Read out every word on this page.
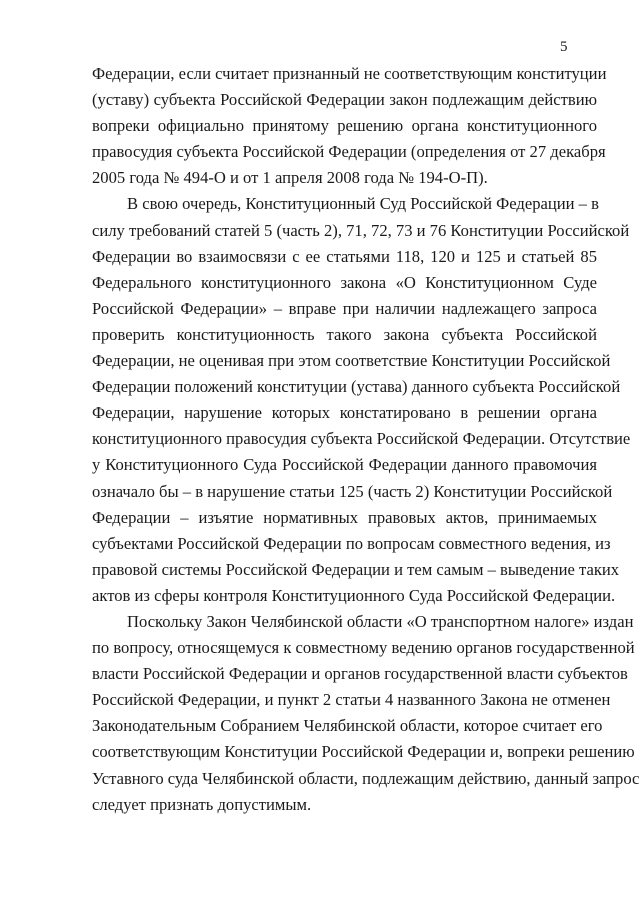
5
Федерации, если считает признанный не соответствующим конституции
(уставу) субъекта Российской Федерации закон подлежащим действию
вопреки официально принятому решению органа конституционного
правосудия субъекта Российской Федерации (определения от 27 декабря
2005 года № 494-О и от 1 апреля 2008 года № 194-О-П).
В свою очередь, Конституционный Суд Российской Федерации – в
силу требований статей 5 (часть 2), 71, 72, 73 и 76 Конституции Российской
Федерации во взаимосвязи с ее статьями 118, 120 и 125 и статьей 85
Федерального конституционного закона «О Конституционном Суде
Российской Федерации» – вправе при наличии надлежащего запроса
проверить конституционность такого закона субъекта Российской
Федерации, не оценивая при этом соответствие Конституции Российской
Федерации положений конституции (устава) данного субъекта Российской
Федерации, нарушение которых констатировано в решении органа
конституционного правосудия субъекта Российской Федерации. Отсутствие
у Конституционного Суда Российской Федерации данного правомочия
означало бы – в нарушение статьи 125 (часть 2) Конституции Российской
Федерации – изъятие нормативных правовых актов, принимаемых
субъектами Российской Федерации по вопросам совместного ведения, из
правовой системы Российской Федерации и тем самым – выведение таких
актов из сферы контроля Конституционного Суда Российской Федерации.
Поскольку Закон Челябинской области «О транспортном налоге» издан
по вопросу, относящемуся к совместному ведению органов государственной
власти Российской Федерации и органов государственной власти субъектов
Российской Федерации, и пункт 2 статьи 4 названного Закона не отменен
Законодательным Собранием Челябинской области, которое считает его
соответствующим Конституции Российской Федерации и, вопреки решению
Уставного суда Челябинской области, подлежащим действию, данный запрос
следует признать допустимым.
